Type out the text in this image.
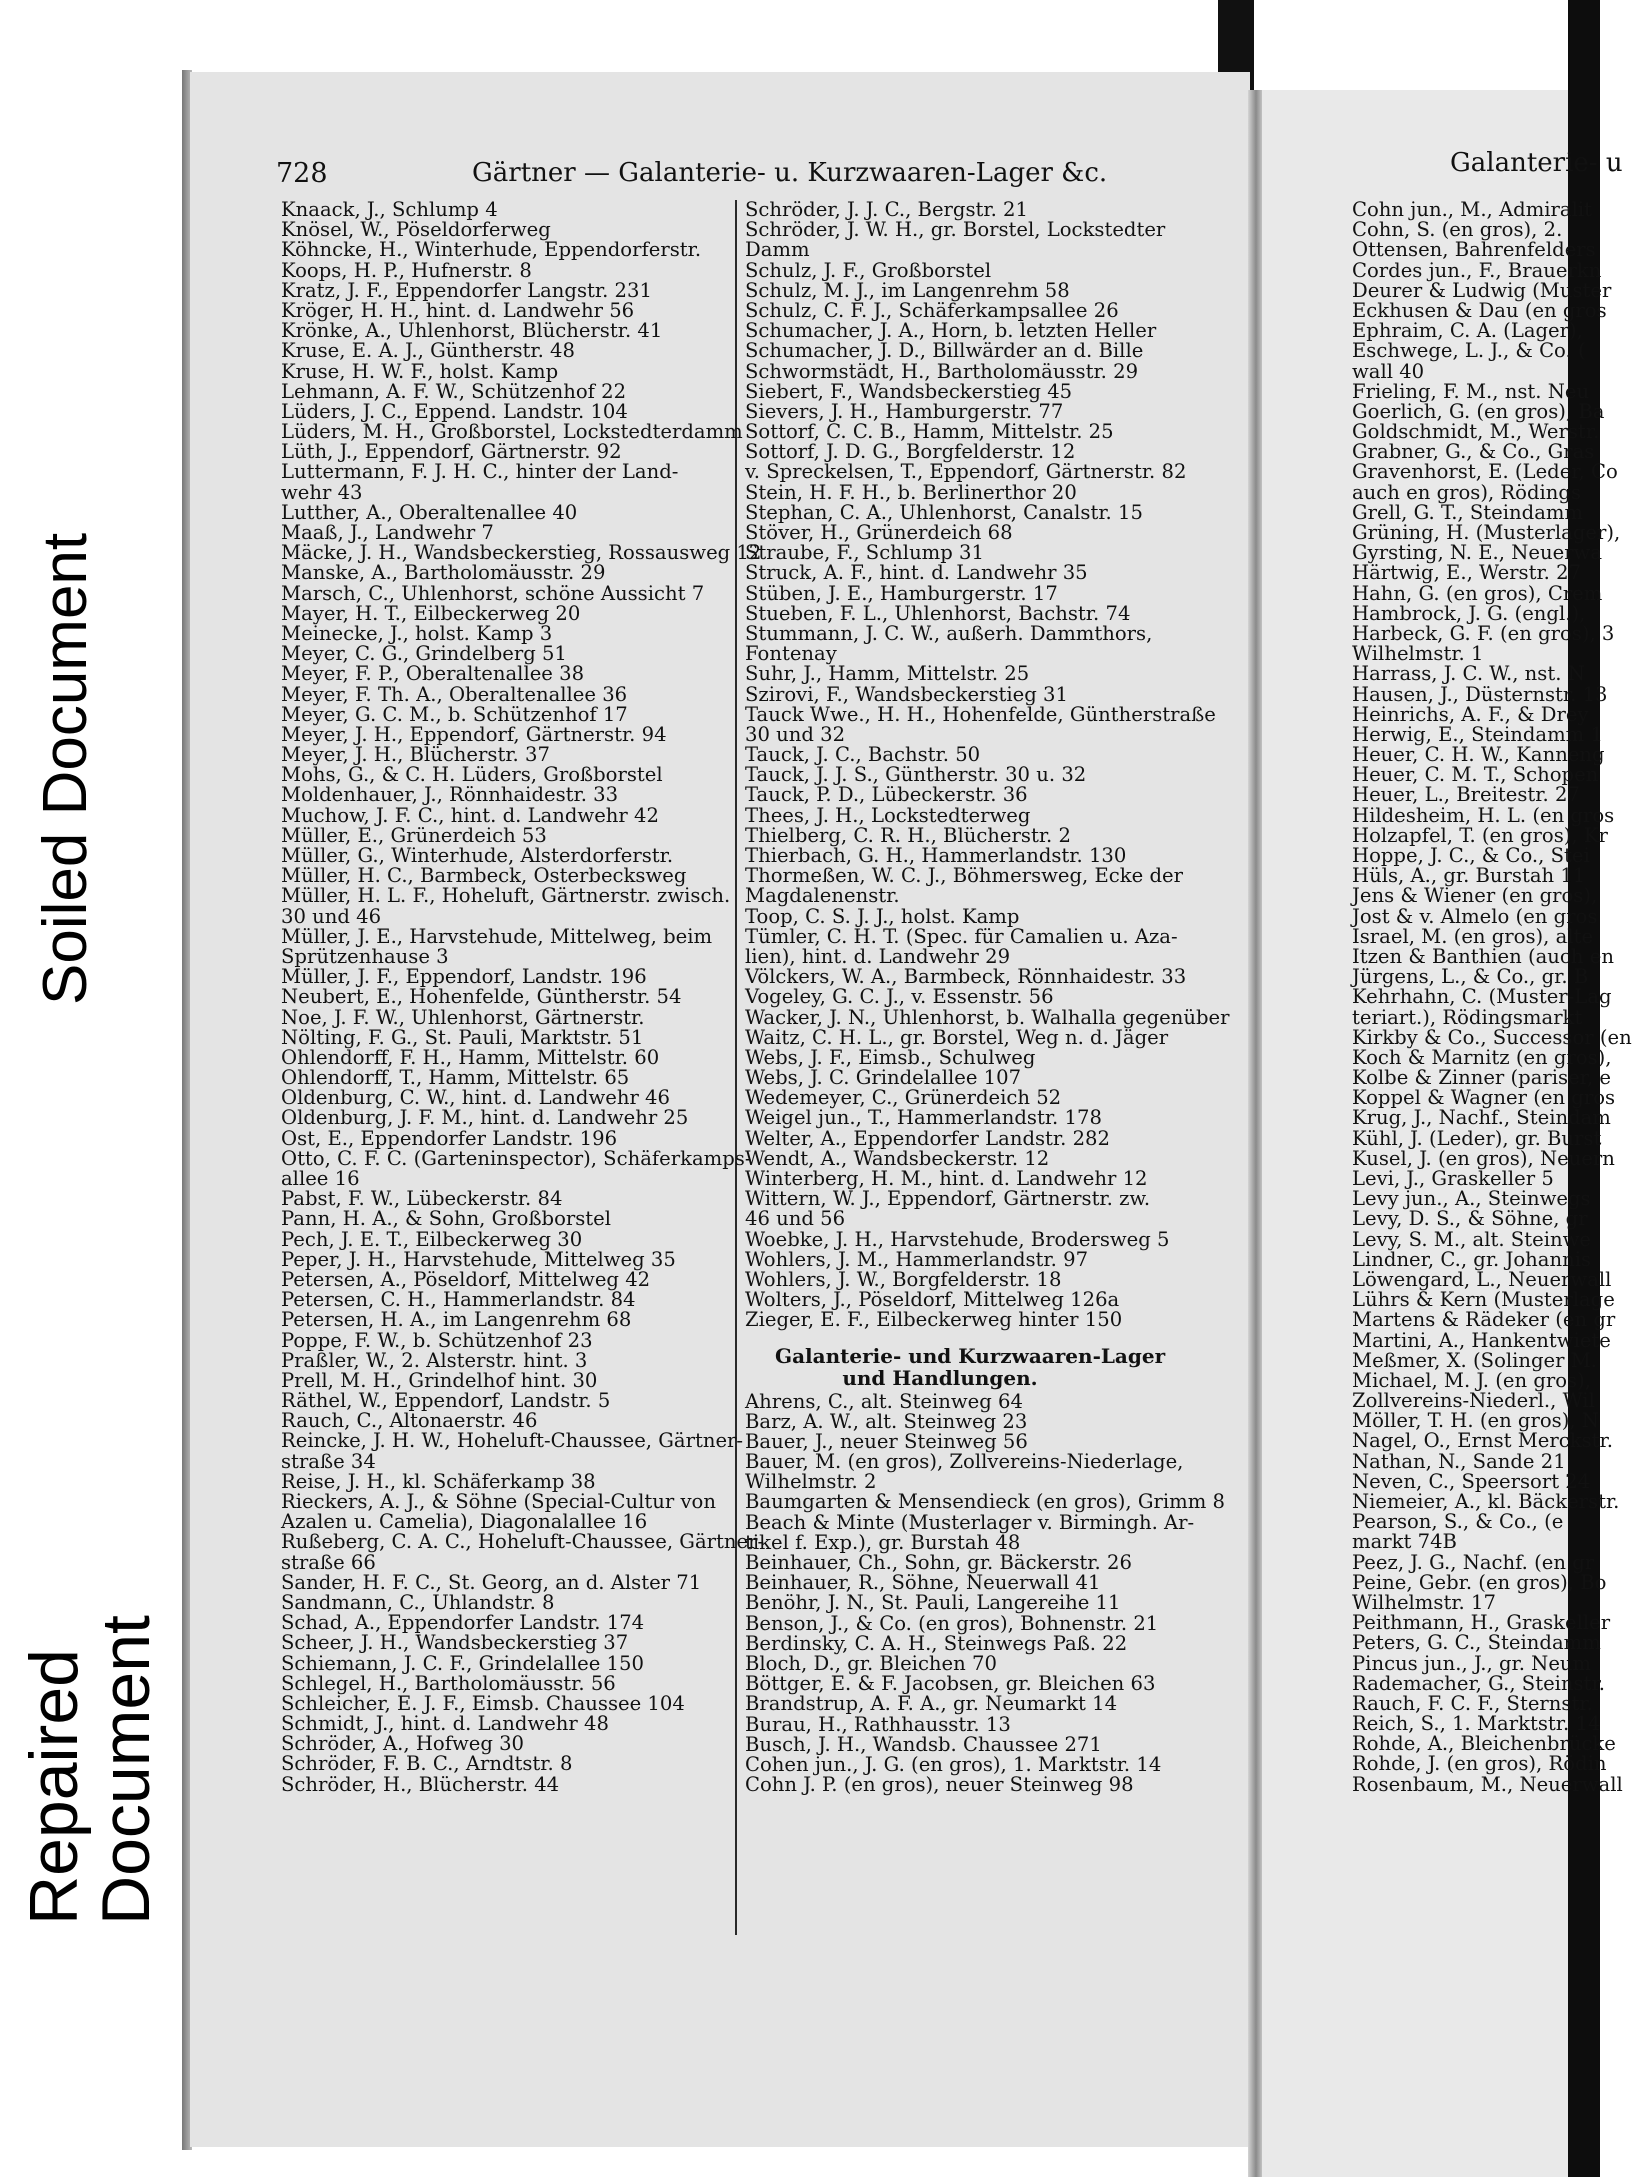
Soiled Document
Repaired
Document
728	Gärtner — Galanterie- u. Kurzwaaren-Lager &c.	Galanterie- u
Knaack, J., Schlump 4
Knösel, W., Pöseldorferweg
Köhncke, H., Winterhude, Eppendorferstr.
Koops, H. P., Hufnerstr. 8
Kratz, J. F., Eppendorfer Langstr. 231
Kröger, H. H., hint. d. Landwehr 56
Krönke, A., Uhlenhorst, Blücherstr. 41
Kruse, E. A. J., Güntherstr. 48
Kruse, H. W. F., holst. Kamp
Lehmann, A. F. W., Schützenhof 22
Lüders, J. C., Eppend. Landstr. 104
Lüders, M. H., Großborstel, Lockstedterdamm
Lüth, J., Eppendorf, Gärtnerstr. 92
Luttermann, F. J. H. C., hinter der Land-
wehr 43
Lutther, A., Oberaltenallee 40
Maaß, J., Landwehr 7
Mäcke, J. H., Wandsbeckerstieg, Rossausweg 12
Manske, A., Bartholomäusstr. 29
Marsch, C., Uhlenhorst, schöne Aussicht 7
Mayer, H. T., Eilbeckerweg 20
Meinecke, J., holst. Kamp 3
Meyer, C. G., Grindelberg 51
Meyer, F. P., Oberaltenallee 38
Meyer, F. Th. A., Oberaltenallee 36
Meyer, G. C. M., b. Schützenhof 17
Meyer, J. H., Eppendorf, Gärtnerstr. 94
Meyer, J. H., Blücherstr. 37
Mohs, G., & C. H. Lüders, Großborstel
Moldenhauer, J., Rönnhaidestr. 33
Muchow, J. F. C., hint. d. Landwehr 42
Müller, E., Grünerdeich 53
Müller, G., Winterhude, Alsterdorferstr.
Müller, H. C., Barmbeck, Osterbecksweg
Müller, H. L. F., Hoheluft, Gärtnerstr. zwisch.
30 und 46
Müller, J. E., Harvstehude, Mittelweg, beim
Sprützenhause 3
Müller, J. F., Eppendorf, Landstr. 196
Neubert, E., Hohenfelde, Güntherstr. 54
Noe, J. F. W., Uhlenhorst, Gärtnerstr.
Nölting, F. G., St. Pauli, Marktstr. 51
Ohlendorff, F. H., Hamm, Mittelstr. 60
Ohlendorff, T., Hamm, Mittelstr. 65
Oldenburg, C. W., hint. d. Landwehr 46
Oldenburg, J. F. M., hint. d. Landwehr 25
Ost, E., Eppendorfer Landstr. 196
Otto, C. F. C. (Garteninspector), Schäferkamps-
allee 16
Pabst, F. W., Lübeckerstr. 84
Pann, H. A., & Sohn, Großborstel
Pech, J. E. T., Eilbeckerweg 30
Peper, J. H., Harvstehude, Mittelweg 35
Petersen, A., Pöseldorf, Mittelweg 42
Petersen, C. H., Hammerlandstr. 84
Petersen, H. A., im Langenrehm 68
Poppe, F. W., b. Schützenhof 23
Praßler, W., 2. Alsterstr. hint. 3
Prell, M. H., Grindelhof hint. 30
Räthel, W., Eppendorf, Landstr. 5
Rauch, C., Altonaerstr. 46
Reincke, J. H. W., Hoheluft-Chaussee, Gärtner-
straße 34
Reise, J. H., kl. Schäferkamp 38
Rieckers, A. J., & Söhne (Special-Cultur von
Azalen u. Camelia), Diagonalallee 16
Rußeberg, C. A. C., Hoheluft-Chaussee, Gärtner-
straße 66
Sander, H. F. C., St. Georg, an d. Alster 71
Sandmann, C., Uhlandstr. 8
Schad, A., Eppendorfer Landstr. 174
Scheer, J. H., Wandsbeckerstieg 37
Schiemann, J. C. F., Grindelallee 150
Schlegel, H., Bartholomäusstr. 56
Schleicher, E. J. F., Eimsb. Chaussee 104
Schmidt, J., hint. d. Landwehr 48
Schröder, A., Hofweg 30
Schröder, F. B. C., Arndtstr. 8
Schröder, H., Blücherstr. 44
Schröder, J. J. C., Bergstr. 21
Schröder, J. W. H., gr. Borstel, Lockstedter
Damm
Schulz, J. F., Großborstel
Schulz, M. J., im Langenrehm 58
Schulz, C. F. J., Schäferkampsallee 26
Schumacher, J. A., Horn, b. letzten Heller
Schumacher, J. D., Billwärder an d. Bille
Schwormstädt, H., Bartholomäusstr. 29
Siebert, F., Wandsbeckerstieg 45
Sievers, J. H., Hamburgerstr. 77
Sottorf, C. C. B., Hamm, Mittelstr. 25
Sottorf, J. D. G., Borgfelderstr. 12
v. Spreckelsen, T., Eppendorf, Gärtnerstr. 82
Stein, H. F. H., b. Berlinerthor 20
Stephan, C. A., Uhlenhorst, Canalstr. 15
Stöver, H., Grünerdeich 68
Straube, F., Schlump 31
Struck, A. F., hint. d. Landwehr 35
Stüben, J. E., Hamburgerstr. 17
Stueben, F. L., Uhlenhorst, Bachstr. 74
Stummann, J. C. W., außerh. Dammthors,
Fontenay
Suhr, J., Hamm, Mittelstr. 25
Szirovi, F., Wandsbeckerstieg 31
Tauck Wwe., H. H., Hohenfelde, Güntherstraße
30 und 32
Tauck, J. C., Bachstr. 50
Tauck, J. J. S., Güntherstr. 30 u. 32
Tauck, P. D., Lübeckerstr. 36
Thees, J. H., Lockstedterweg
Thielberg, C. R. H., Blücherstr. 2
Thierbach, G. H., Hammerlandstr. 130
Thormeßen, W. C. J., Böhmersweg, Ecke der
Magdalenenstr.
Toop, C. S. J. J., holst. Kamp
Tümler, C. H. T. (Spec. für Camalien u. Aza-
lien), hint. d. Landwehr 29
Völckers, W. A., Barmbeck, Rönnhaidestr. 33
Vogeley, G. C. J., v. Essenstr. 56
Wacker, J. N., Uhlenhorst, b. Walhalla gegenüber
Waitz, C. H. L., gr. Borstel, Weg n. d. Jäger
Webs, J. F., Eimsb., Schulweg
Webs, J. C. Grindelallee 107
Wedemeyer, C., Grünerdeich 52
Weigel jun., T., Hammerlandstr. 178
Welter, A., Eppendorfer Landstr. 282
Wendt, A., Wandsbeckerstr. 12
Winterberg, H. M., hint. d. Landwehr 12
Wittern, W. J., Eppendorf, Gärtnerstr. zw.
46 und 56
Woebke, J. H., Harvstehude, Brodersweg 5
Wohlers, J. M., Hammerlandstr. 97
Wohlers, J. W., Borgfelderstr. 18
Wolters, J., Pöseldorf, Mittelweg 126a
Zieger, E. F., Eilbeckerweg hinter 150
Galanterie- und Kurzwaaren-Lager
und Handlungen.
Ahrens, C., alt. Steinweg 64
Barz, A. W., alt. Steinweg 23
Bauer, J., neuer Steinweg 56
Bauer, M. (en gros), Zollvereins-Niederlage,
Wilhelmstr. 2
Baumgarten & Mensendieck (en gros), Grimm 8
Beach & Minte (Musterlager v. Birmingh. Ar-
tikel f. Exp.), gr. Burstah 48
Beinhauer, Ch., Sohn, gr. Bäckerstr. 26
Beinhauer, R., Söhne, Neuerwall 41
Benöhr, J. N., St. Pauli, Langereihe 11
Benson, J., & Co. (en gros), Bohnenstr. 21
Berdinsky, C. A. H., Steinwegs Paß. 22
Bloch, D., gr. Bleichen 70
Böttger, E. & F. Jacobsen, gr. Bleichen 63
Brandstrup, A. F. A., gr. Neumarkt 14
Burau, H., Rathhausstr. 13
Busch, J. H., Wandsb. Chaussee 271
Cohen jun., J. G. (en gros), 1. Marktstr. 14
Cohn J. P. (en gros), neuer Steinweg 98
Cohn jun., M., Admiralit
Cohn, S. (en gros), 2.
Ottensen, Bahrenfelders
Cordes jun., F., Brauerkn
Deurer & Ludwig (Muster
Eckhusen & Dau (en gros
Ephraim, C. A. (Lager),
Eschwege, L. J., & Co. (
wall 40
Frieling, F. M., nst. Neu
Goerlich, G. (en gros), Ba
Goldschmidt, M., Werstr.
Grabner, G., & Co., Gras
Gravenhorst, E. (Leder, Co
auch en gros), Rödings
Grell, G. T., Steindamm
Grüning, H. (Musterlager),
Gyrsting, N. E., Neuerwa
Härtwig, E., Werstr. 27
Hahn, G. (en gros), Crem
Hambrock, J. G. (engl.),
Harbeck, G. F. (en gros), 3
Wilhelmstr. 1
Harrass, J. C. W., nst. N
Hausen, J., Düsternstr. 13
Heinrichs, A. F., & Drey
Herwig, E., Steindamm 1
Heuer, C. H. W., Kanneng
Heuer, C. M. T., Schopen
Heuer, L., Breitestr. 27
Hildesheim, H. L. (en gros
Holzapfel, T. (en gros), Kr
Hoppe, J. C., & Co., Stei
Hüls, A., gr. Burstah 11
Jens & Wiener (en gros),
Jost & v. Almelo (en gros
Israel, M. (en gros), alte
Itzen & Banthien (auch en
Jürgens, L., & Co., gr. B
Kehrhahn, C. (Muster-Lag
teriart.), Rödingsmarkt
Kirkby & Co., Successor (en
Koch & Marnitz (en gros),
Kolbe & Zinner (pariser, e
Koppel & Wagner (en gros
Krug, J., Nachf., Steindam
Kühl, J. (Leder), gr. Burst
Kusel, J. (en gros), Neuern
Levi, J., Graskeller 5
Levy jun., A., Steinwegs
Levy, D. S., & Söhne, gr
Levy, S. M., alt. Steinwe
Lindner, C., gr. Johannis
Löwengard, L., Neuerwall
Lührs & Kern (Musterlage
Martens & Rädeker (en gr
Martini, A., Hankentwiete
Meßmer, X. (Solinger M.
Michael, M. J. (en gros),
Zollvereins-Niederl., Wil
Möller, T. H. (en gros), N
Nagel, O., Ernst Merckstr.
Nathan, N., Sande 21
Neven, C., Speersort 24
Niemeier, A., kl. Bäckerstr.
Pearson, S., & Co., (e
markt 74B
Peez, J. G., Nachf. (en gr
Peine, Gebr. (en gros), Bo
Wilhelmstr. 17
Peithmann, H., Graskeller
Peters, G. C., Steindamm
Pincus jun., J., gr. Neum
Rademacher, G., Steinstr.
Rauch, F. C. F., Sternstr.
Reich, S., 1. Marktstr. 14
Rohde, A., Bleichenbrücke
Rohde, J. (en gros), Rödin
Rosenbaum, M., Neuerwall
